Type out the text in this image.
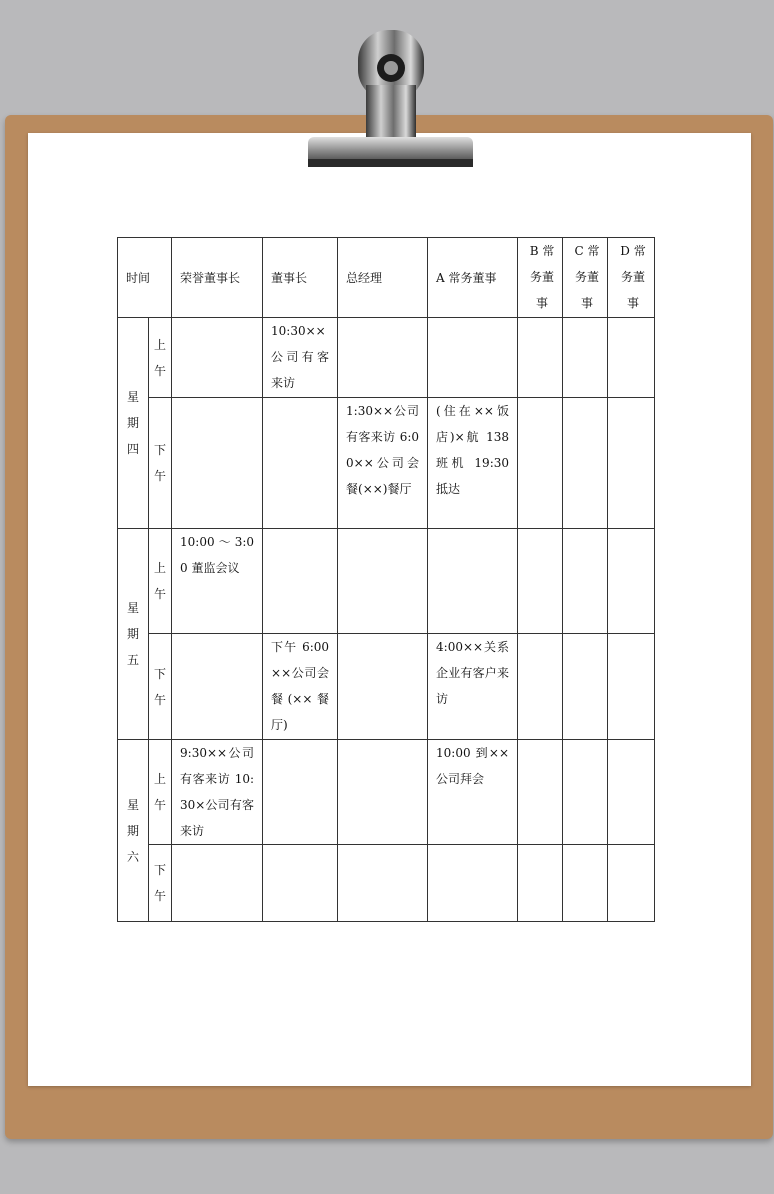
时间		荣誉董事长	董事长	总经理	A 常务董事	B 常务董事	C 常务董事	D 常务董事
星期四	上午		10:30××公司有客来访					
	下午			1:30××公司有客来访 6:00××公司会餐(××)餐厅	(住在××饭店)×航 138 班机 19:30 抵达			
星期五	上午	10:00 ～ 3:00 董监会议						
	下午		下午 6:00 ××公司会餐(××餐厅)		4:00××关系企业有客户来访			
星期六	上午	9:30××公司有客来访 10:30×公司有客来访			10:00 到××公司拜会			
	下午							
